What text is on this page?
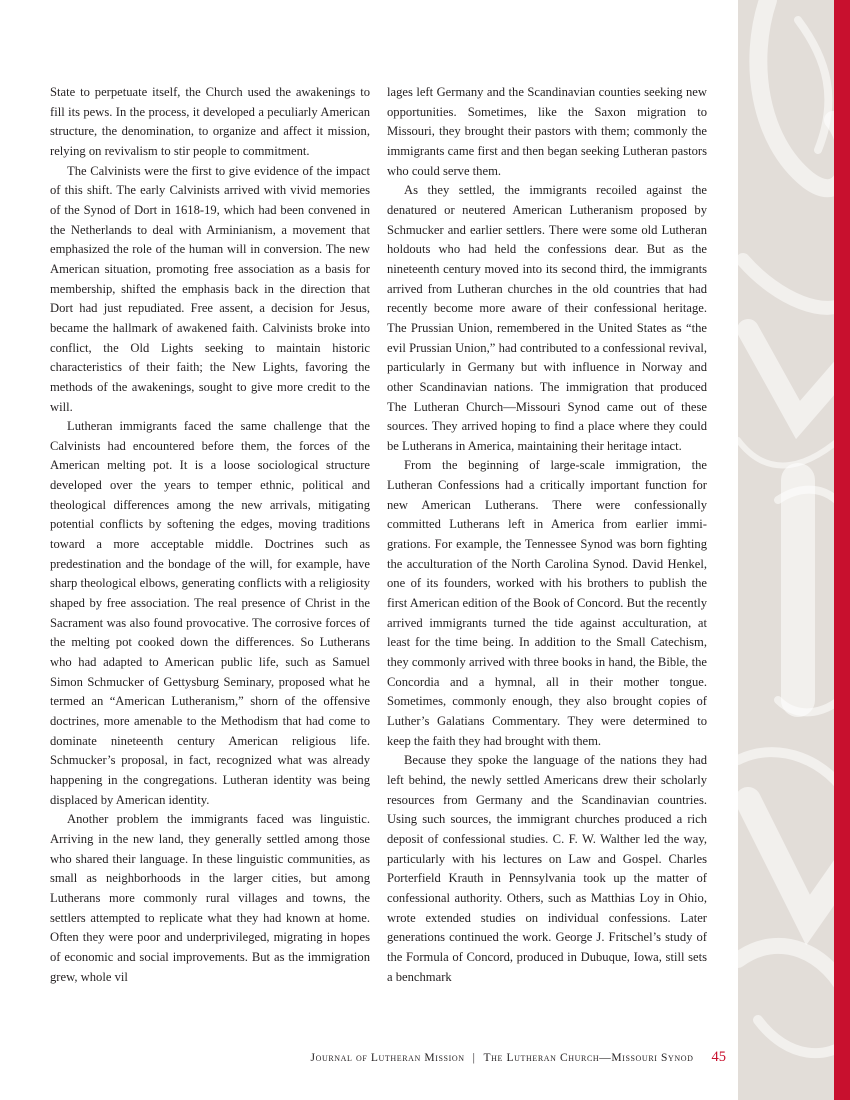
State to perpetuate itself, the Church used the awakenings to fill its pews. In the process, it developed a peculiarly American structure, the denomination, to organize and affect it mission, relying on revivalism to stir people to commitment.

The Calvinists were the first to give evidence of the impact of this shift. The early Calvinists arrived with vivid memories of the Synod of Dort in 1618-19, which had been convened in the Netherlands to deal with Arminianism, a movement that emphasized the role of the human will in conversion. The new American situation, promoting free association as a basis for membership, shifted the emphasis back in the direction that Dort had just repudiated. Free assent, a decision for Jesus, became the hallmark of awakened faith. Calvinists broke into conflict, the Old Lights seeking to maintain historic characteristics of their faith; the New Lights, favoring the methods of the awakenings, sought to give more credit to the will.

Lutheran immigrants faced the same challenge that the Calvinists had encountered before them, the forces of the American melting pot. It is a loose sociological structure developed over the years to temper ethnic, political and theological differences among the new arrivals, mitigating potential conflicts by softening the edges, moving traditions toward a more acceptable middle. Doctrines such as predestination and the bondage of the will, for example, have sharp theological elbows, generating conflicts with a religiosity shaped by free association. The real presence of Christ in the Sacrament was also found provocative. The corrosive forces of the melting pot cooked down the differences. So Lutherans who had adapted to American public life, such as Samuel Simon Schmucker of Gettysburg Seminary, proposed what he termed an “American Lutheranism,” shorn of the offensive doctrines, more amenable to the Methodism that had come to dominate nineteenth century American religious life. Schmucker’s proposal, in fact, recognized what was already happening in the congregations. Lutheran identity was being displaced by American identity.

Another problem the immigrants faced was linguistic. Arriving in the new land, they generally settled among those who shared their language. In these linguistic communities, as small as neighborhoods in the larger cities, but among Lutherans more commonly rural villages and towns, the settlers attempted to replicate what they had known at home. Often they were poor and underprivileged, migrating in hopes of economic and social improvements. But as the immigration grew, whole vil

lages left Germany and the Scandinavian counties seeking new opportunities. Sometimes, like the Saxon migration to Missouri, they brought their pastors with them; commonly the immigrants came first and then began seeking Lutheran pastors who could serve them.

As they settled, the immigrants recoiled against the denatured or neutered American Lutheranism proposed by Schmucker and earlier settlers. There were some old Lutheran holdouts who had held the confessions dear. But as the nineteenth century moved into its second third, the immigrants arrived from Lutheran churches in the old countries that had recently become more aware of their confessional heritage. The Prussian Union, remembered in the United States as “the evil Prussian Union,” had contributed to a confessional revival, particularly in Germany but with influence in Norway and other Scandinavian nations. The immigration that produced The Lutheran Church—Missouri Synod came out of these sources. They arrived hoping to find a place where they could be Lutherans in America, maintaining their heritage intact.

From the beginning of large-scale immigration, the Lutheran Confessions had a critically important function for new American Lutherans. There were confessionally committed Lutherans left in America from earlier immigrations. For example, the Tennessee Synod was born fighting the acculturation of the North Carolina Synod. David Henkel, one of its founders, worked with his brothers to publish the first American edition of the Book of Concord. But the recently arrived immigrants turned the tide against acculturation, at least for the time being. In addition to the Small Catechism, they commonly arrived with three books in hand, the Bible, the Concordia and a hymnal, all in their mother tongue. Sometimes, commonly enough, they also brought copies of Luther’s Galatians Commentary. They were determined to keep the faith they had brought with them.

Because they spoke the language of the nations they had left behind, the newly settled Americans drew their scholarly resources from Germany and the Scandinavian countries. Using such sources, the immigrant churches produced a rich deposit of confessional studies. C. F. W. Walther led the way, particularly with his lectures on Law and Gospel. Charles Porterfield Krauth in Pennsylvania took up the matter of confessional authority. Others, such as Matthias Loy in Ohio, wrote extended studies on individual confessions. Later generations continued the work. George J. Fritschel’s study of the Formula of Concord, produced in Dubuque, Iowa, still sets a benchmark

Journal of Lutheran Mission | The Lutheran Church—Missouri Synod 45
